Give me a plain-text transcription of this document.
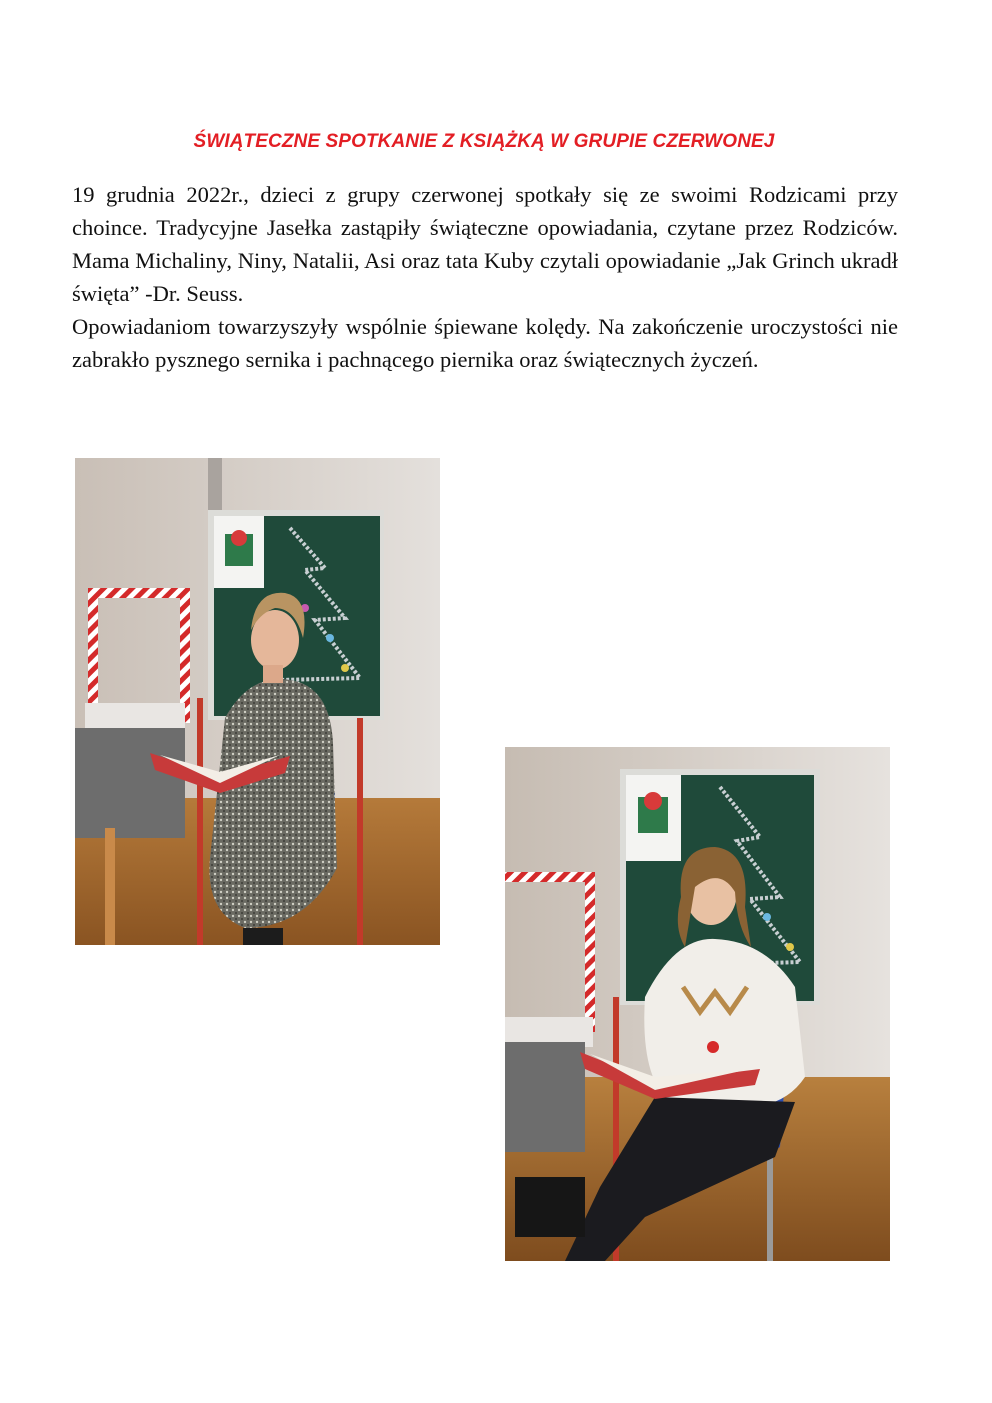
ŚWIĄTECZNE SPOTKANIE Z KSIĄŻKĄ W GRUPIE CZERWONEJ

19 grudnia 2022r., dzieci z grupy czerwonej spotkały się ze swoimi Rodzicami przy choince. Tradycyjne Jasełka zastąpiły świąteczne opowiadania, czytane przez Rodziców. Mama Michaliny, Niny, Natalii, Asi oraz tata Kuby czytali opowiadanie „Jak Grinch ukradł święta” -Dr. Seuss.

Opowiadaniom towarzyszyły wspólnie śpiewane kolędy. Na zakończenie uroczystości nie zabrakło pysznego sernika i pachnącego piernika oraz świątecznych życzeń.
